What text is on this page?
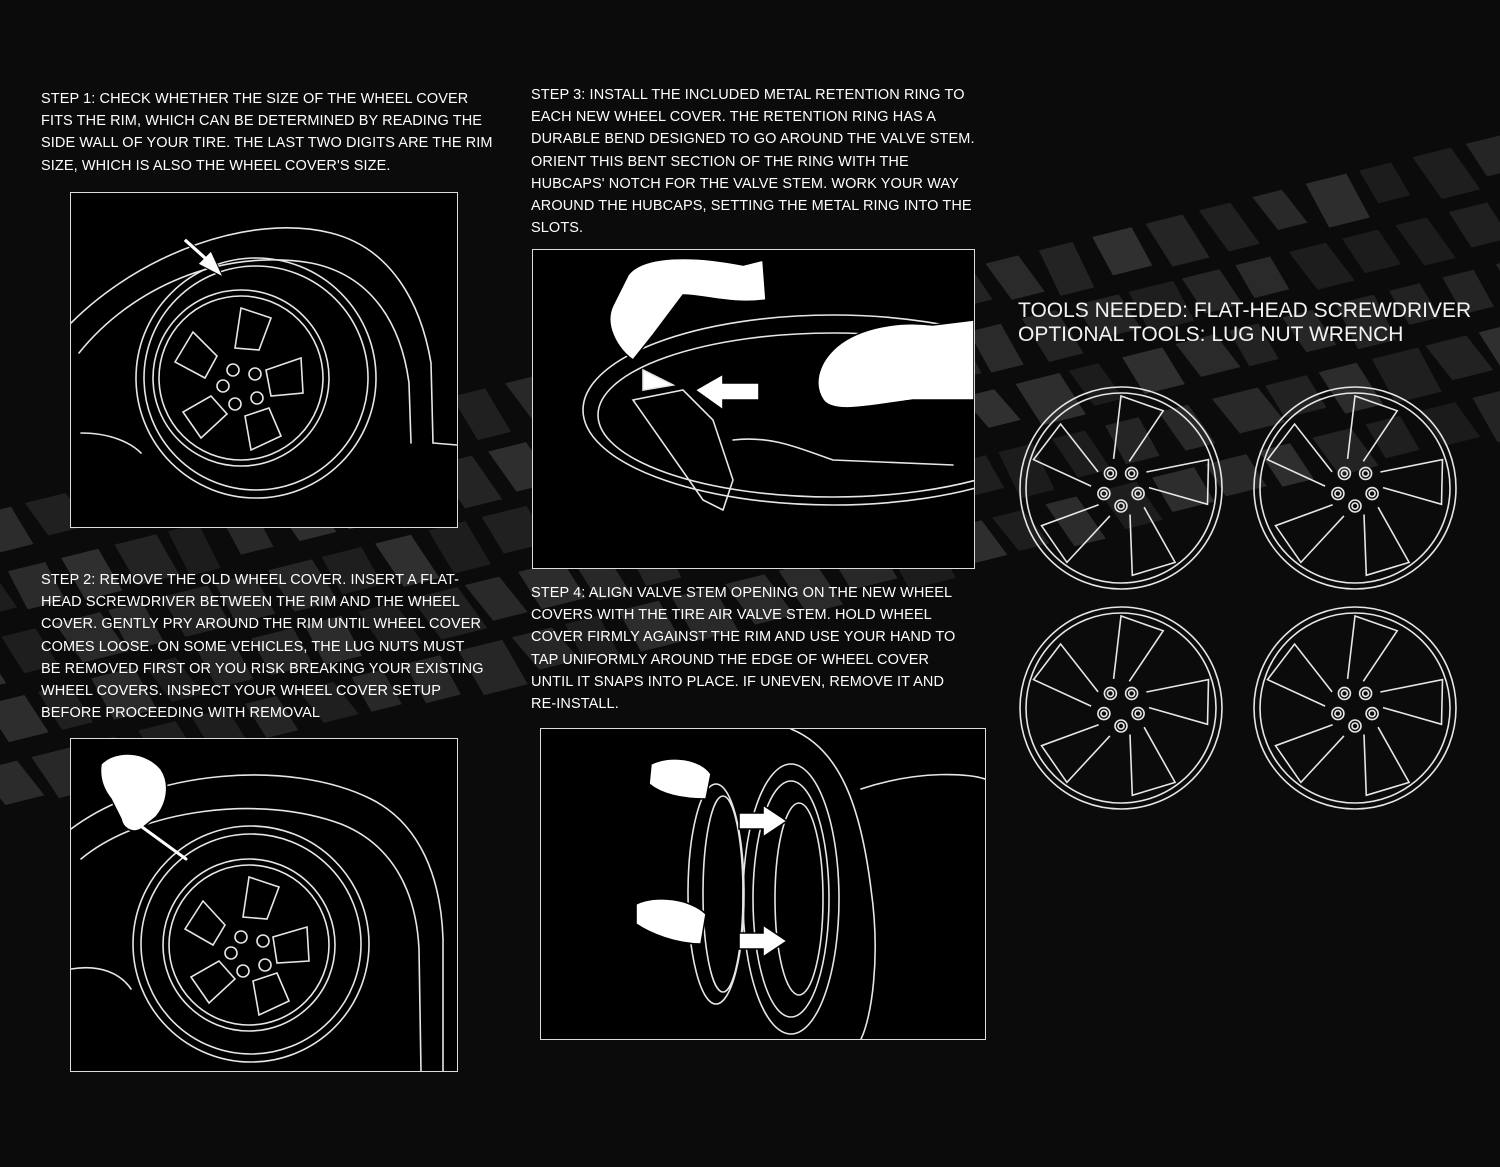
STEP 1: CHECK WHETHER THE SIZE OF THE WHEEL COVER FITS THE RIM, WHICH CAN BE DETERMINED BY READING THE SIDE WALL OF YOUR TIRE. THE LAST TWO DIGITS ARE THE RIM SIZE, WHICH IS ALSO THE WHEEL COVER'S SIZE.

STEP 2: REMOVE THE OLD WHEEL COVER. INSERT A FLAT-HEAD SCREWDRIVER BETWEEN THE RIM AND THE WHEEL COVER. GENTLY PRY AROUND THE RIM UNTIL WHEEL COVER COMES LOOSE. ON SOME VEHICLES, THE LUG NUTS MUST BE REMOVED FIRST OR YOU RISK BREAKING YOUR EXISTING WHEEL COVERS. INSPECT YOUR WHEEL COVER SETUP BEFORE PROCEEDING WITH REMOVAL

STEP 3: INSTALL THE INCLUDED METAL RETENTION RING TO EACH NEW WHEEL COVER. THE RETENTION RING HAS A DURABLE BEND DESIGNED TO GO AROUND THE VALVE STEM. ORIENT THIS BENT SECTION OF THE RING WITH THE HUBCAPS' NOTCH FOR THE VALVE STEM. WORK YOUR WAY AROUND THE HUBCAPS, SETTING THE METAL RING INTO THE SLOTS.

STEP 4: ALIGN VALVE STEM OPENING ON THE NEW WHEEL COVERS WITH THE TIRE AIR VALVE STEM. HOLD WHEEL COVER FIRMLY AGAINST THE RIM AND USE YOUR HAND TO TAP UNIFORMLY AROUND THE EDGE OF WHEEL COVER UNTIL IT SNAPS INTO PLACE. IF UNEVEN, REMOVE IT AND RE-INSTALL.

TOOLS NEEDED: FLAT-HEAD SCREWDRIVER
OPTIONAL TOOLS: LUG NUT WRENCH
